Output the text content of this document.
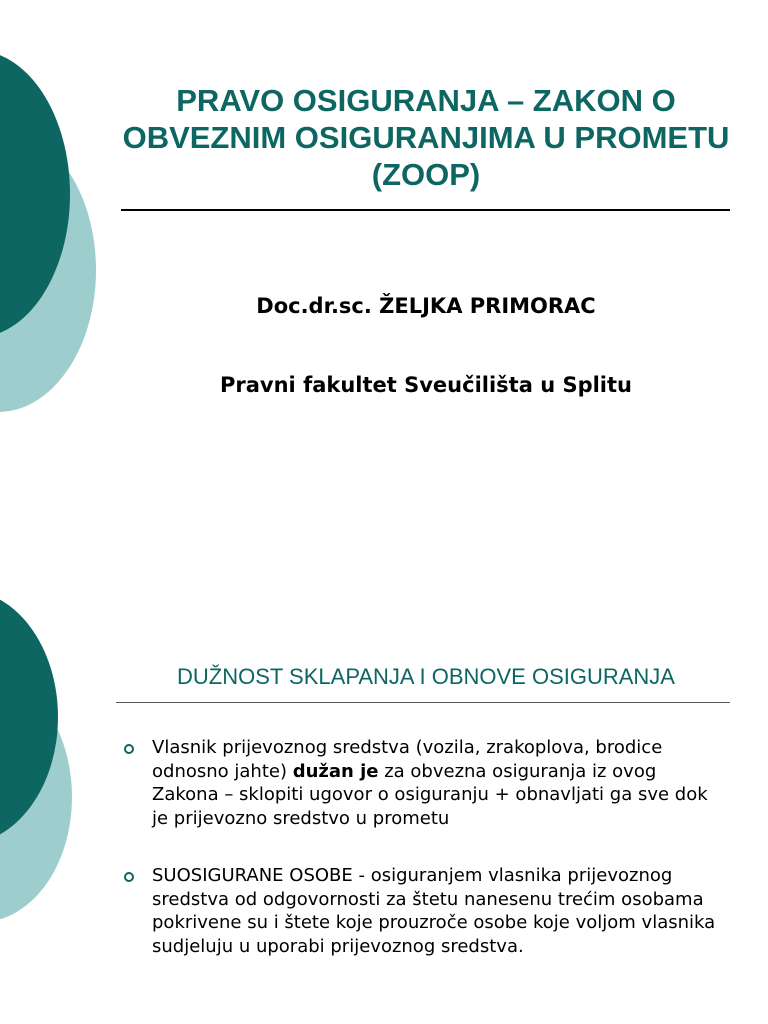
PRAVO OSIGURANJA – ZAKON O OBVEZNIM OSIGURANJIMA U PROMETU (ZOOP)

Doc.dr.sc. ŽELJKA PRIMORAC

Pravni fakultet Sveučilišta u Splitu

DUŽNOST SKLAPANJA I OBNOVE OSIGURANJA
Vlasnik prijevoznog sredstva (vozila, zrakoplova, brodice odnosno jahte) dužan je za obvezna osiguranja iz ovog Zakona – sklopiti ugovor o osiguranju + obnavljati ga sve dok je prijevozno sredstvo u prometu
SUOSIGURANE OSOBE - osiguranjem vlasnika prijevoznog sredstva od odgovornosti za štetu nanesenu trećim osobama pokrivene su i štete koje prouzroče osobe koje voljom vlasnika sudjeluju u uporabi prijevoznog sredstva.
